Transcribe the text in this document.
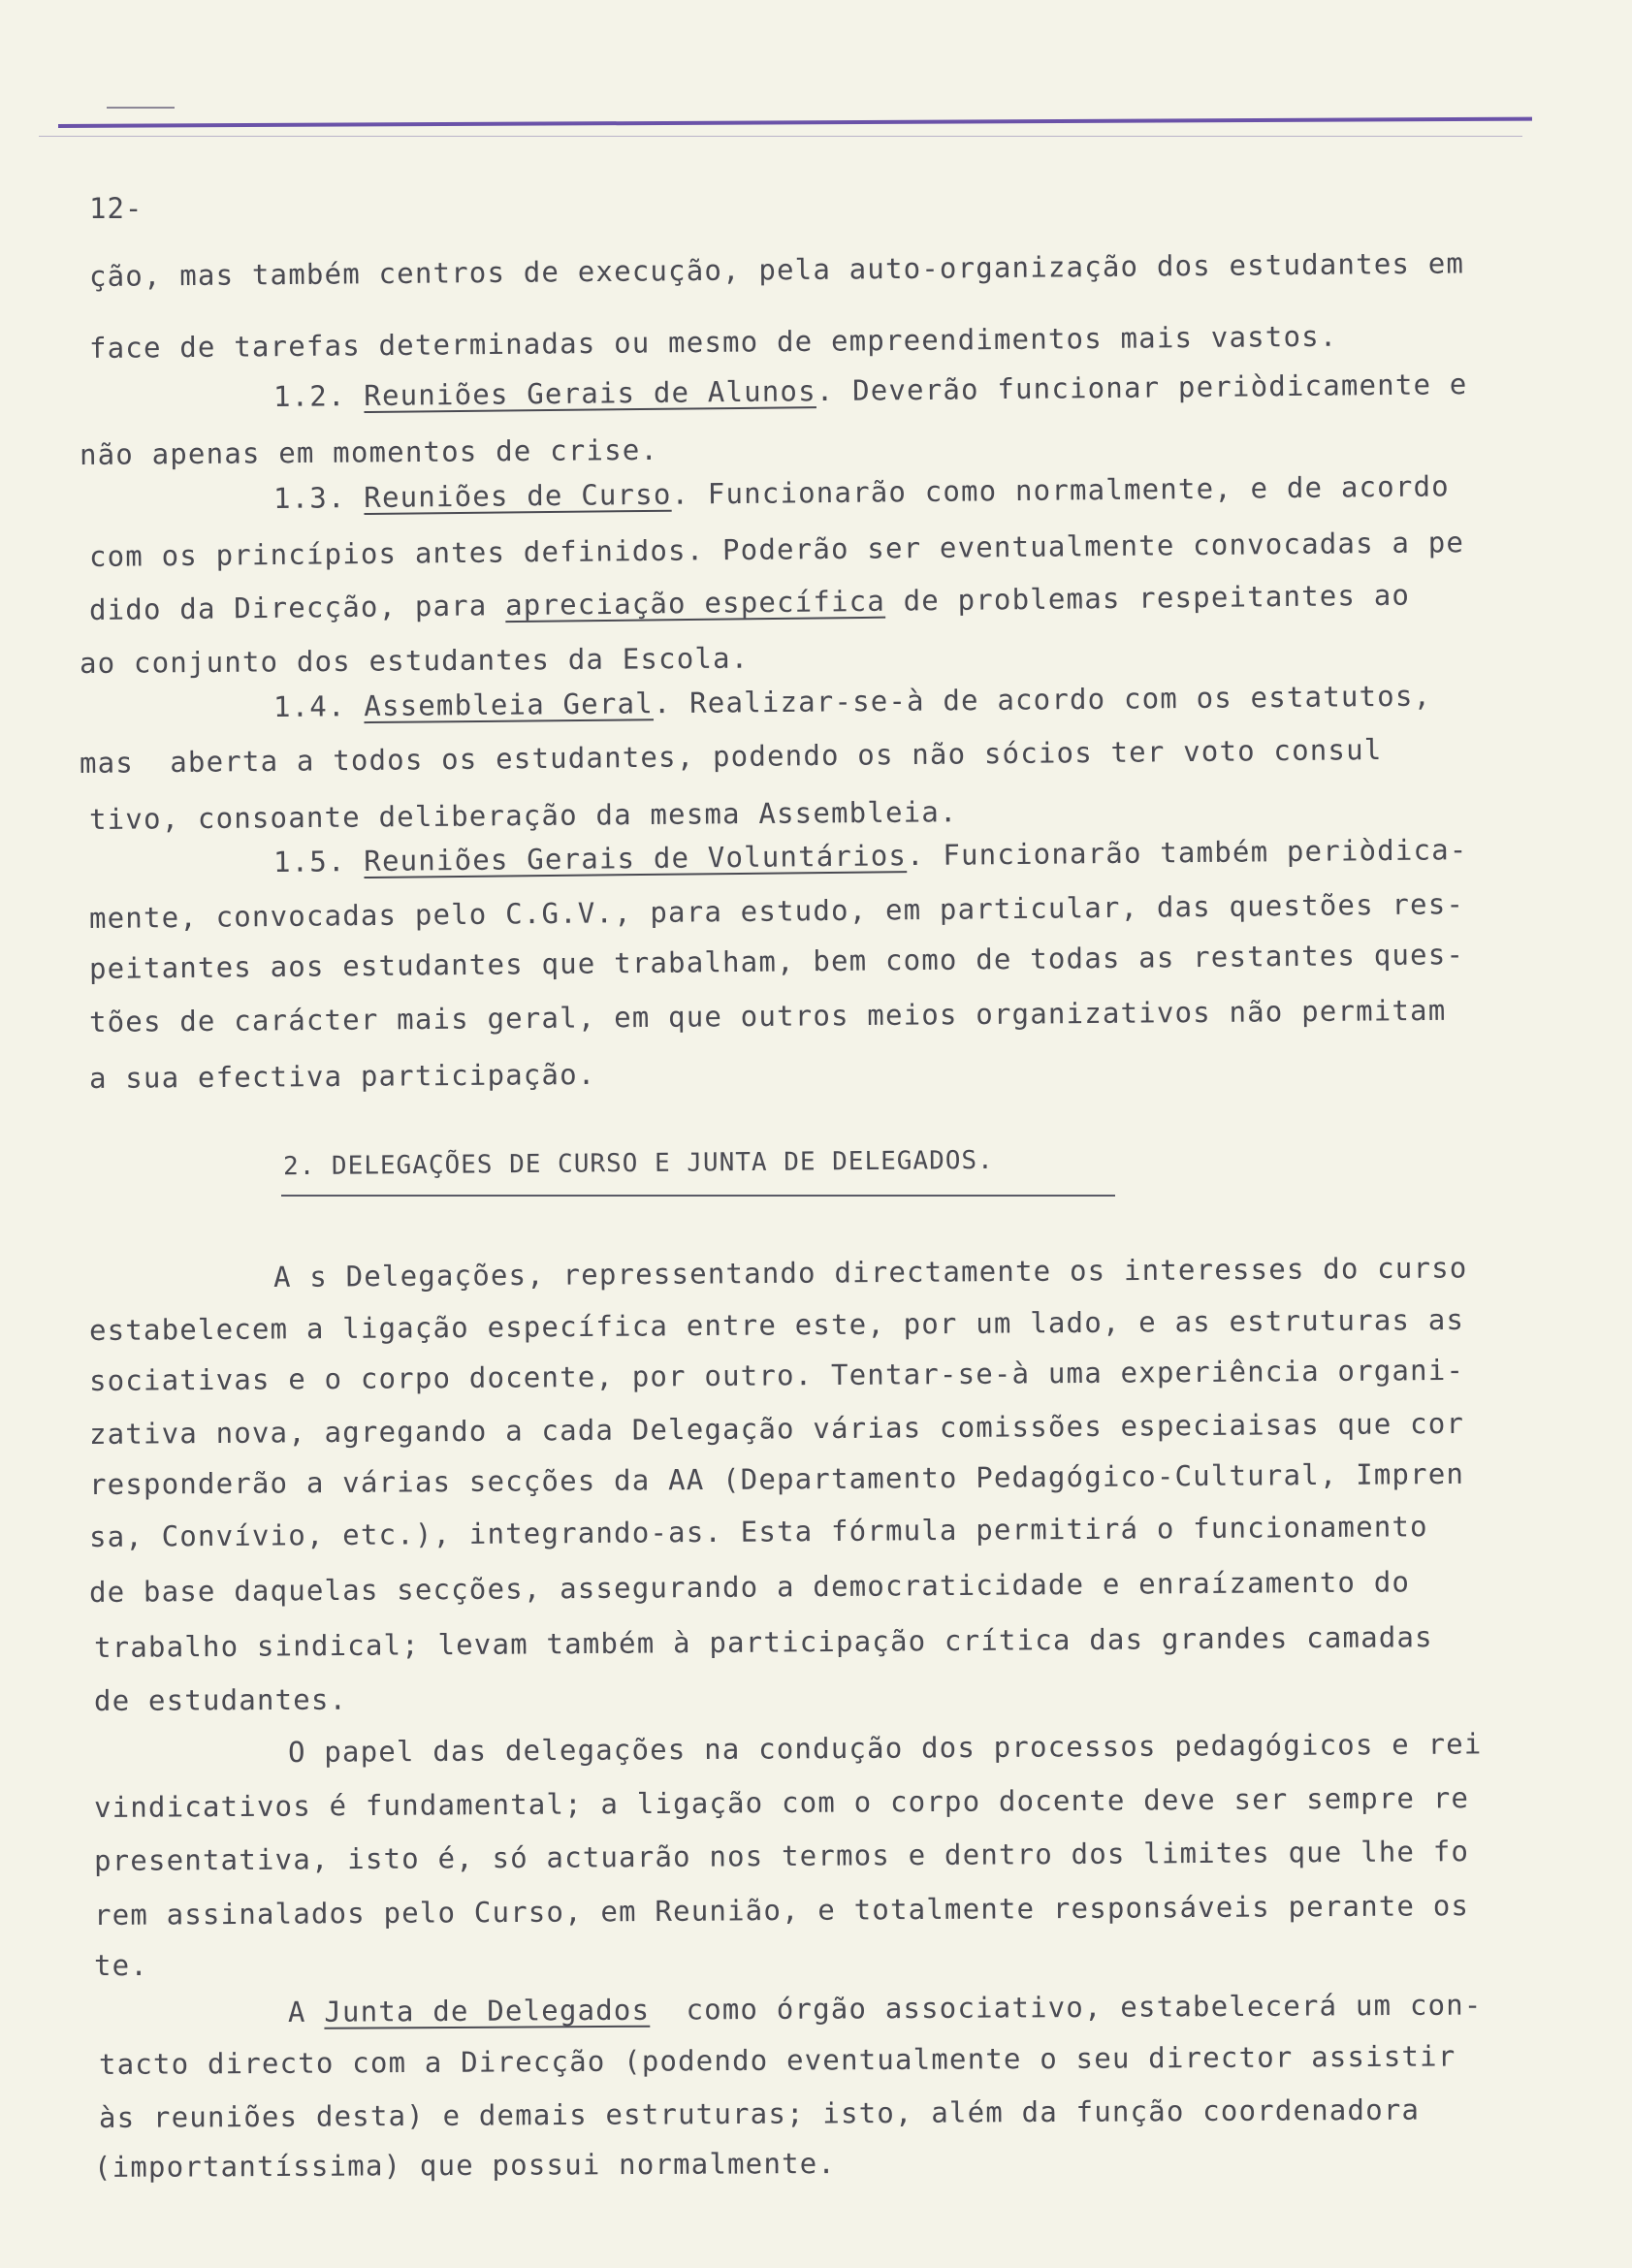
12-
ção, mas também centros de execução, pela auto-organização dos estudantes em
face de tarefas determinadas ou mesmo de empreendimentos mais vastos.
1.2. Reuniões Gerais de Alunos. Deverão funcionar periòdicamente e
não apenas em momentos de crise.
1.3. Reuniões de Curso. Funcionarão como normalmente, e de acordo
com os princípios antes definidos. Poderão ser eventualmente convocadas a pe
dido da Direcção, para apreciação específica de problemas respeitantes ao
ao conjunto dos estudantes da Escola.
1.4. Assembleia Geral. Realizar-se-à de acordo com os estatutos,
mas  aberta a todos os estudantes, podendo os não sócios ter voto consul
tivo, consoante deliberação da mesma Assembleia.
1.5. Reuniões Gerais de Voluntários. Funcionarão também periòdica-
mente, convocadas pelo C.G.V., para estudo, em particular, das questões res-
peitantes aos estudantes que trabalham, bem como de todas as restantes ques-
tões de carácter mais geral, em que outros meios organizativos não permitam
a sua efectiva participação.
A s Delegações, repressentando directamente os interesses do curso
estabelecem a ligação específica entre este, por um lado, e as estruturas as
sociativas e o corpo docente, por outro. Tentar-se-à uma experiência organi-
zativa nova, agregando a cada Delegação várias comissões especiaisas que cor
responderão a várias secções da AA (Departamento Pedagógico-Cultural, Impren
sa, Convívio, etc.), integrando-as. Esta fórmula permitirá o funcionamento
de base daquelas secções, assegurando a democraticidade e enraízamento do
trabalho sindical; levam também à participação crítica das grandes camadas
de estudantes.
O papel das delegações na condução dos processos pedagógicos e rei
vindicativos é fundamental; a ligação com o corpo docente deve ser sempre re
presentativa, isto é, só actuarão nos termos e dentro dos limites que lhe fo
rem assinalados pelo Curso, em Reunião, e totalmente responsáveis perante os
te.
A Junta de Delegados  como órgão associativo, estabelecerá um con-
tacto directo com a Direcção (podendo eventualmente o seu director assistir
às reuniões desta) e demais estruturas; isto, além da função coordenadora
(importantíssima) que possui normalmente.
2. DELEGAÇÕES DE CURSO E JUNTA DE DELEGADOS.
